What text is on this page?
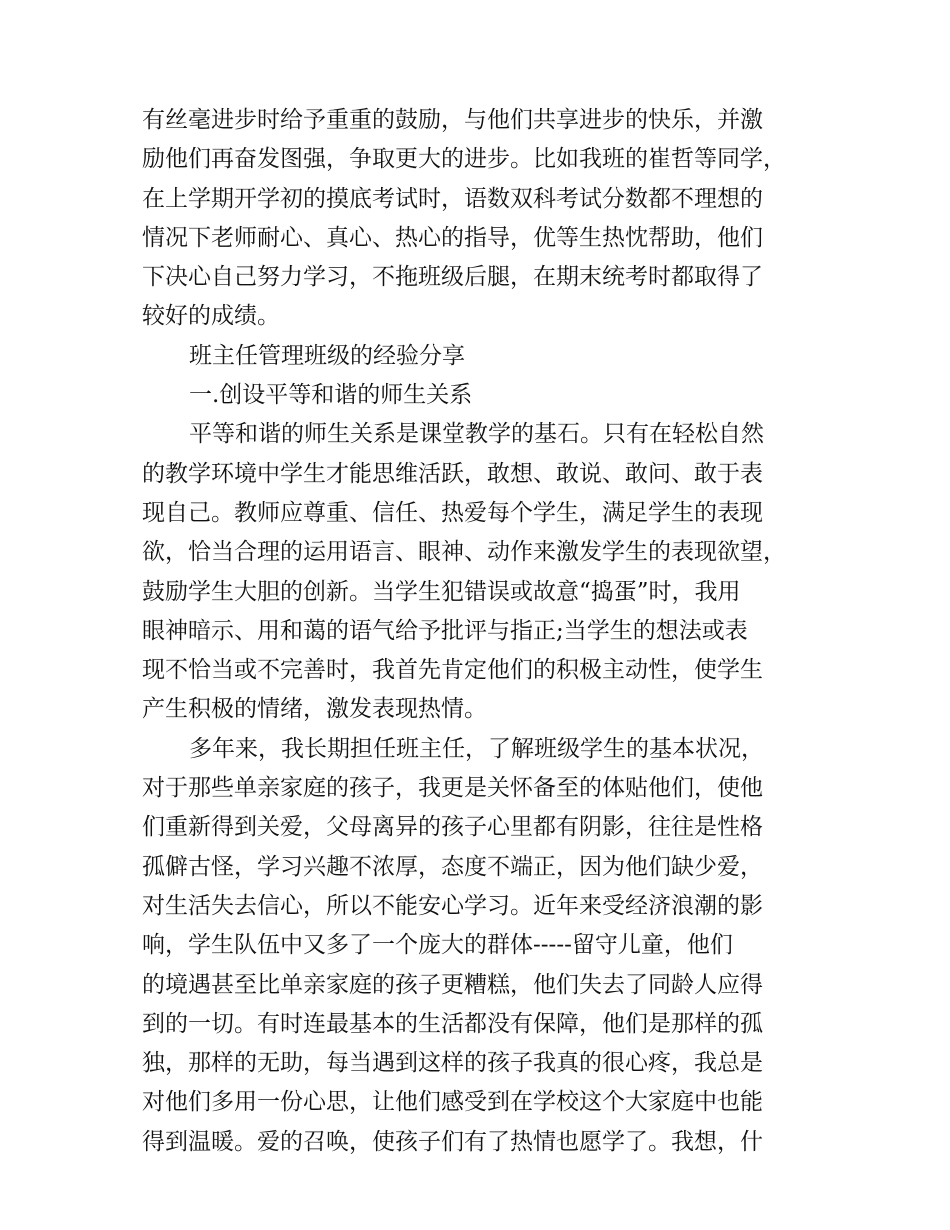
有丝毫进步时给予重重的鼓励，与他们共享进步的快乐，并激
励他们再奋发图强，争取更大的进步。比如我班的崔哲等同学，
在上学期开学初的摸底考试时，语数双科考试分数都不理想的
情况下老师耐心、真心、热心的指导，优等生热忱帮助，他们
下决心自己努力学习，不拖班级后腿，在期末统考时都取得了
较好的成绩。
班主任管理班级的经验分享
一.创设平等和谐的师生关系
平等和谐的师生关系是课堂教学的基石。只有在轻松自然
的教学环境中学生才能思维活跃，敢想、敢说、敢问、敢于表
现自己。教师应尊重、信任、热爱每个学生，满足学生的表现
欲，恰当合理的运用语言、眼神、动作来激发学生的表现欲望，
鼓励学生大胆的创新。当学生犯错误或故意“捣蛋”时，我用
眼神暗示、用和蔼的语气给予批评与指正;当学生的想法或表
现不恰当或不完善时，我首先肯定他们的积极主动性，使学生
产生积极的情绪，激发表现热情。
多年来，我长期担任班主任，了解班级学生的基本状况，
对于那些单亲家庭的孩子，我更是关怀备至的体贴他们，使他
们重新得到关爱，父母离异的孩子心里都有阴影，往往是性格
孤僻古怪，学习兴趣不浓厚，态度不端正，因为他们缺少爱，
对生活失去信心，所以不能安心学习。近年来受经济浪潮的影
响，学生队伍中又多了一个庞大的群体-----留守儿童，他们
的境遇甚至比单亲家庭的孩子更糟糕，他们失去了同龄人应得
到的一切。有时连最基本的生活都没有保障，他们是那样的孤
独，那样的无助，每当遇到这样的孩子我真的很心疼，我总是
对他们多用一份心思，让他们感受到在学校这个大家庭中也能
得到温暖。爱的召唤，使孩子们有了热情也愿学了。我想，什
